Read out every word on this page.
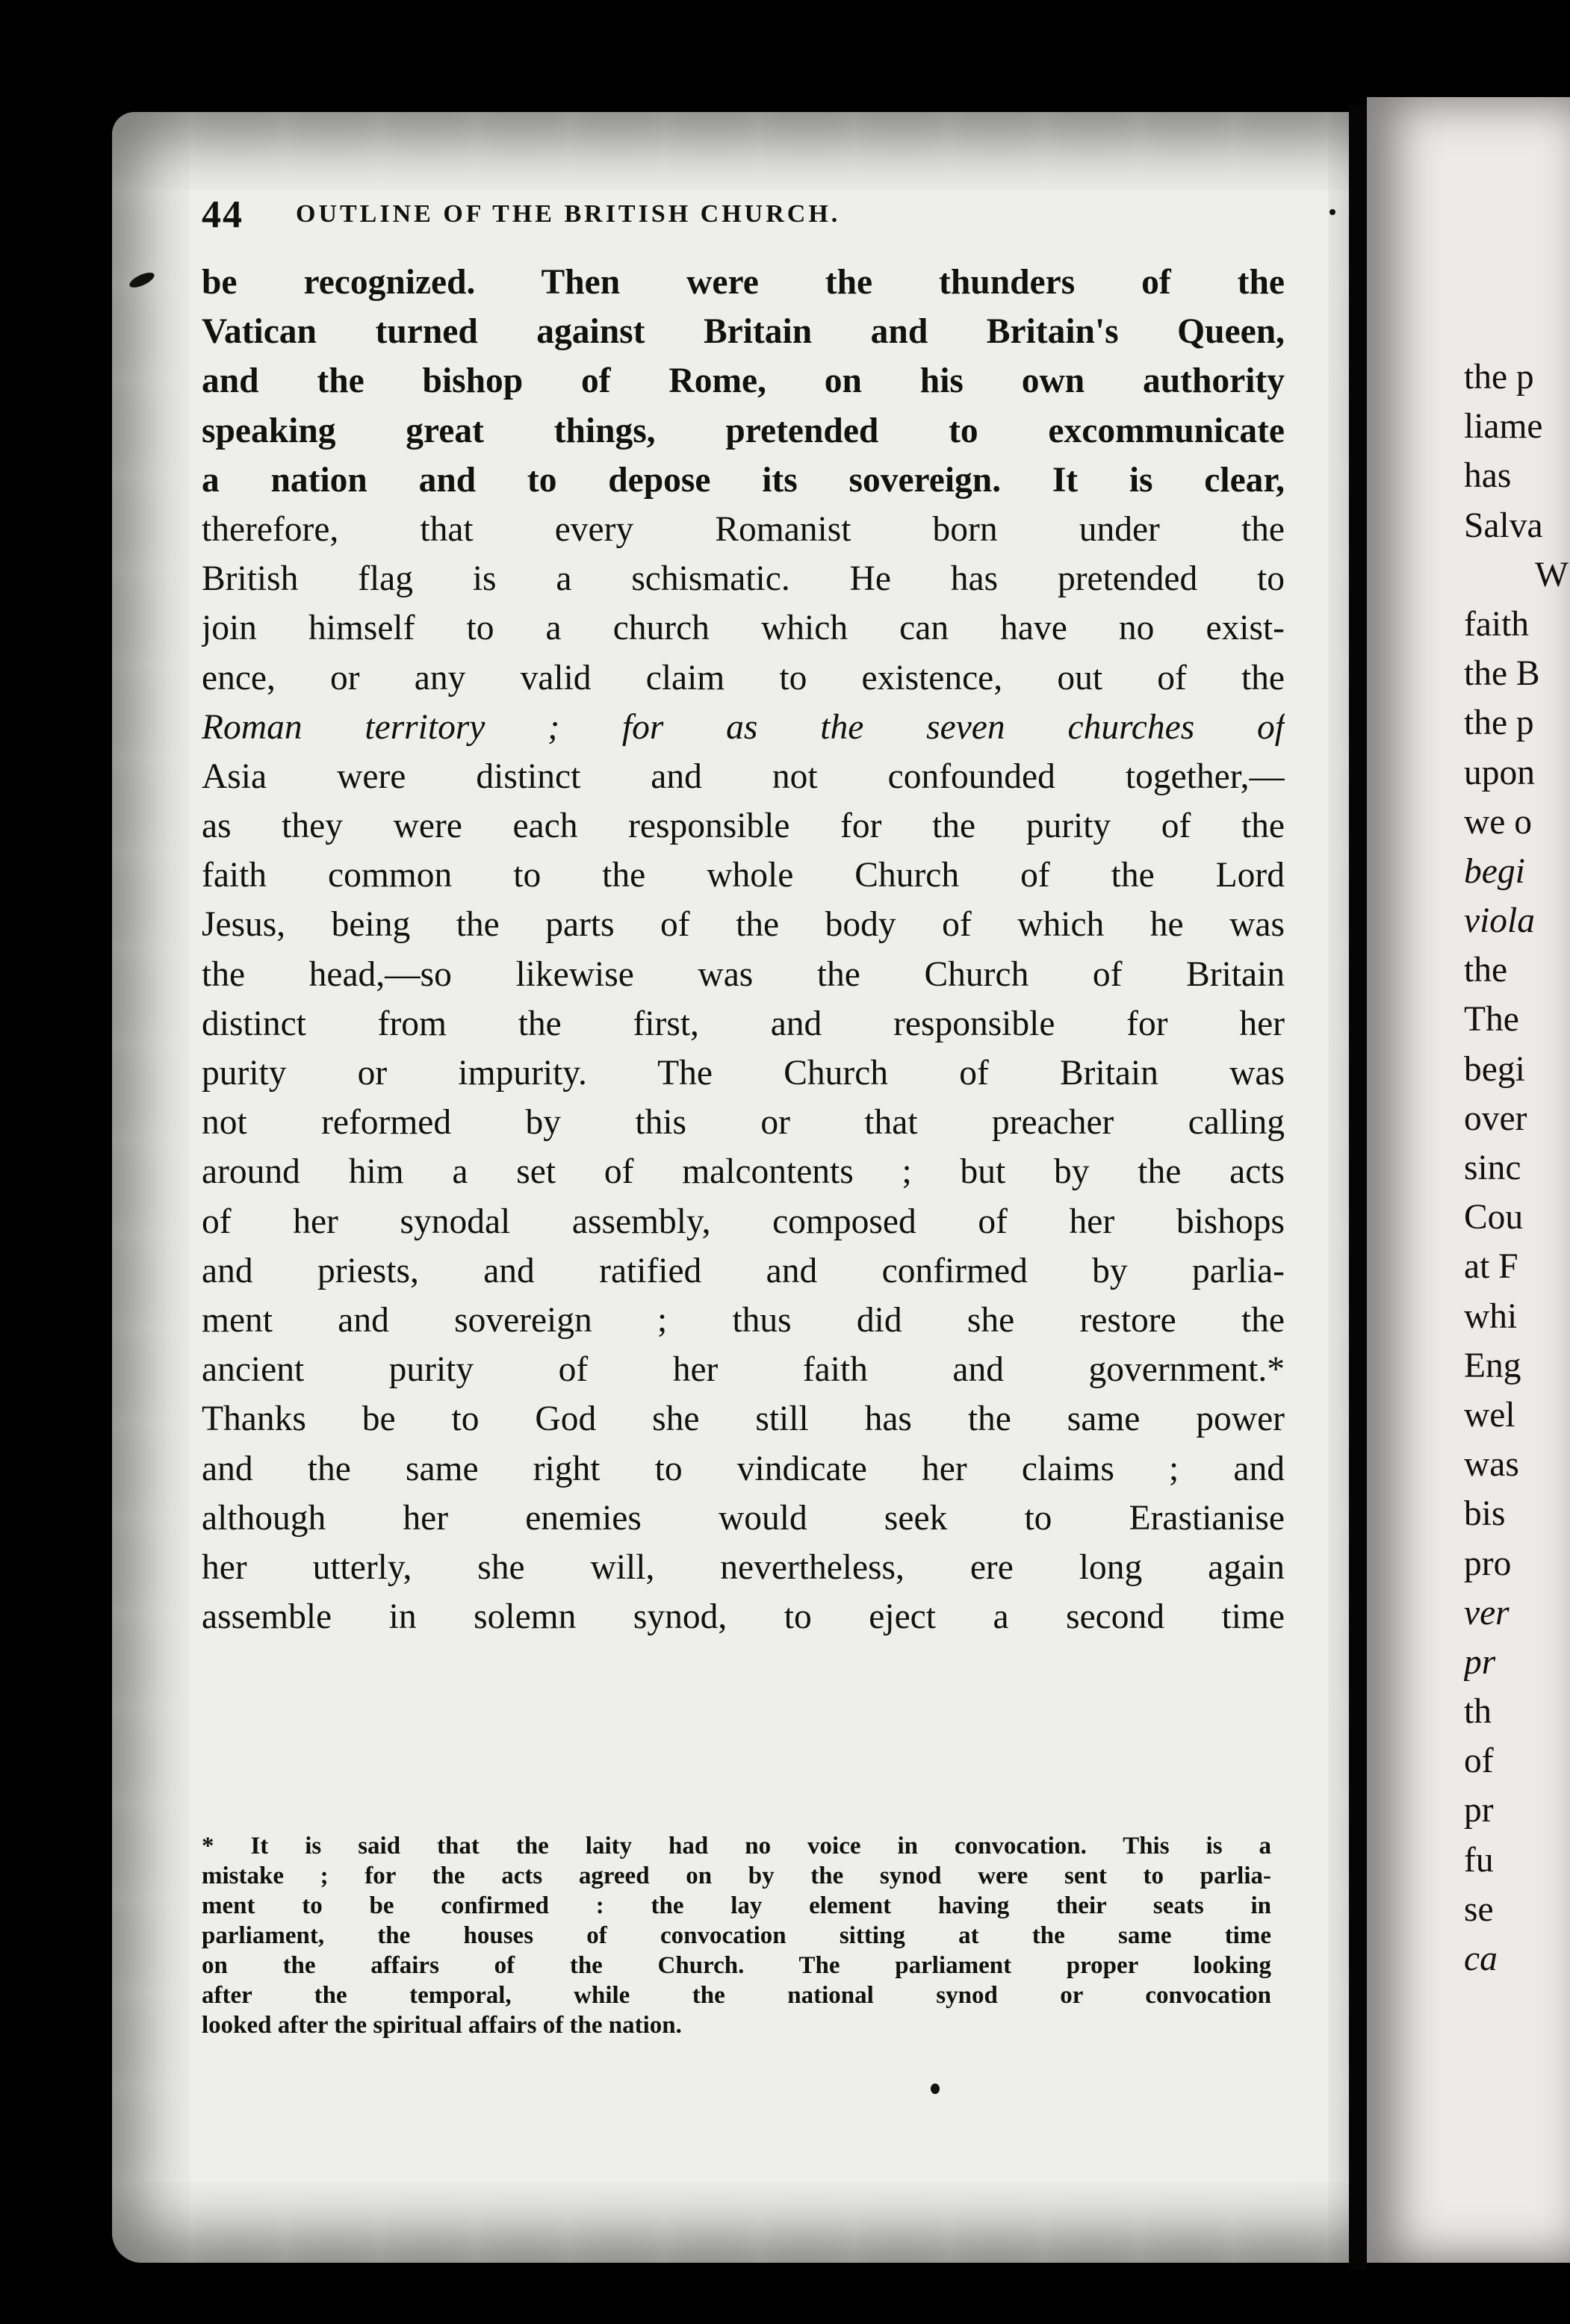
44 OUTLINE OF THE BRITISH CHURCH.
be recognized. Then were the thunders of the
Vatican turned against Britain and Britain's Queen,
and the bishop of Rome, on his own authority
speaking great things, pretended to excommunicate
a nation and to depose its sovereign. It is clear,
therefore, that every Romanist born under the
British flag is a schismatic. He has pretended to
join himself to a church which can have no exist-
ence, or any valid claim to existence, out of the
Roman territory ; for as the seven churches of
Asia were distinct and not confounded together,—
as they were each responsible for the purity of the
faith common to the whole Church of the Lord
Jesus, being the parts of the body of which he was
the head,—so likewise was the Church of Britain
distinct from the first, and responsible for her
purity or impurity. The Church of Britain was
not reformed by this or that preacher calling
around him a set of malcontents ; but by the acts
of her synodal assembly, composed of her bishops
and priests, and ratified and confirmed by parlia-
ment and sovereign ; thus did she restore the
ancient purity of her faith and government.*
Thanks be to God she still has the same power
and the same right to vindicate her claims ; and
although her enemies would seek to Erastianise
her utterly, she will, nevertheless, ere long again
assemble in solemn synod, to eject a second time
* It is said that the laity had no voice in convocation. This is a
mistake ; for the acts agreed on by the synod were sent to parlia-
ment to be confirmed : the lay element having their seats in
parliament, the houses of convocation sitting at the same time
on the affairs of the Church. The parliament proper looking
after the temporal, while the national synod or convocation
looked after the spiritual affairs of the nation.
the p
liame
has
Salva
W
faith
the B
the p
upon
we o
begi
viola
the
The
begi
over
sinc
Cou
at F
whi
Eng
wel
was
bis
pro
ver
pr
th
of
pr
fu
se
ca
